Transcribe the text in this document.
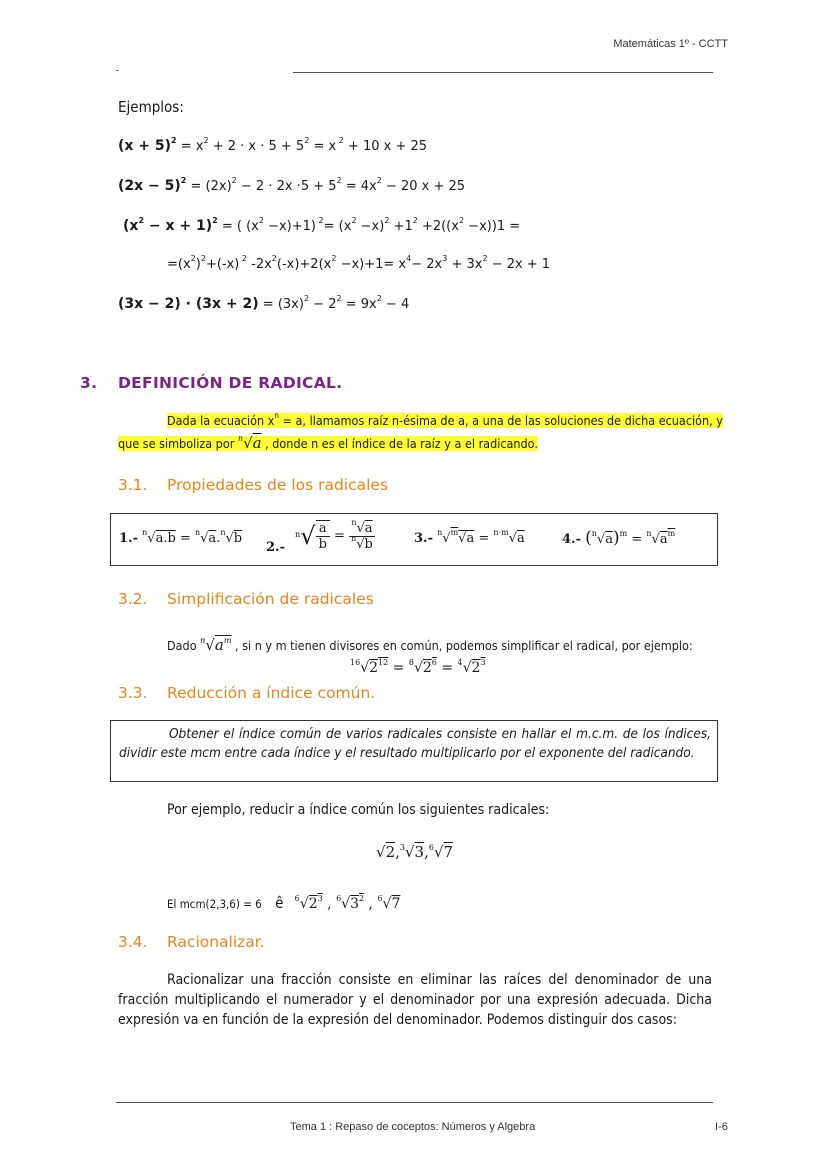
Matemáticas 1º - CCTT
Ejemplos:
$(x + 5)^2 = x^2 + 2 \cdot x \cdot 5 + 5^2 = x$ $^2$ + 10 x + 25
$(2x - 5)^2 = (2x)^2 - 2 \cdot 2x \cdot 5 + 5^2 = 4x^2 - 20$ x + 25
$(x^2 - x + 1)^2$ = ( $(x^2 -x)+1$) $^2= (x^2 -x)^2 +1^2 +2((x^2 -x))1$ =
$=(x^2)^2+(-x)$ $^2$ $-2x^2(-x)+2(x^2 -x)+1= x^4- 2x^3 + 3x^2 - 2x + 1$
$(3x - 2) \cdot (3x + 2) = (3x)^2 - 2^2 = 9x^2 - 4$
3. DEFINICIÓN DE RADICAL.
Dada la ecuación $x^n = a$, llamamos raíz n-ésima de a, a una de las soluciones de dicha ecuación, y
que se simboliza por $^n$√a , donde n es el índice de la raíz y a el radicando.
3.1. Propiedades de los radicales
1.- $^n$√a.b = $^n$√a.$^n$√b
2.- $^n√ \frac{a}{b} = \frac{^n√a}{^n√b}$	3.- $^n$√$^m$√a = $^{n\cdot m}$√a	4.- $(^n√a)^m = ^n√a^m$
3.2. Simplificación de radicales
Dado $^n√a^m$ , si n y m tienen divisores en común, podemos simplificar el radical, por ejemplo:
$^{16}√2^{12} = ^8√2^6 = ^4√2^3$
3.3. Reducción a índice común.
Obtener el índice común de varios radicales consiste en hallar el m.c.m. de los índices, dividir este mcm entre cada índice y el resultado multiplicarlo por el exponente del radicando.
Por ejemplo, reducir a índice común los siguientes radicales:
√2,$^3$√3,$^6$√7
El mcm(2,3,6) = 6 ê $^6√2^3$ , $^6√3^2$ , $^6$√7
3.4. Racionalizar.
Racionalizar una fracción consiste en eliminar las raíces del denominador de una fracción multiplicando el numerador y el denominador por una expresión adecuada. Dicha expresión va en función de la expresión del denominador. Podemos distinguir dos casos:
Tema 1 : Repaso de coceptos: Números y Algebra	I-6
